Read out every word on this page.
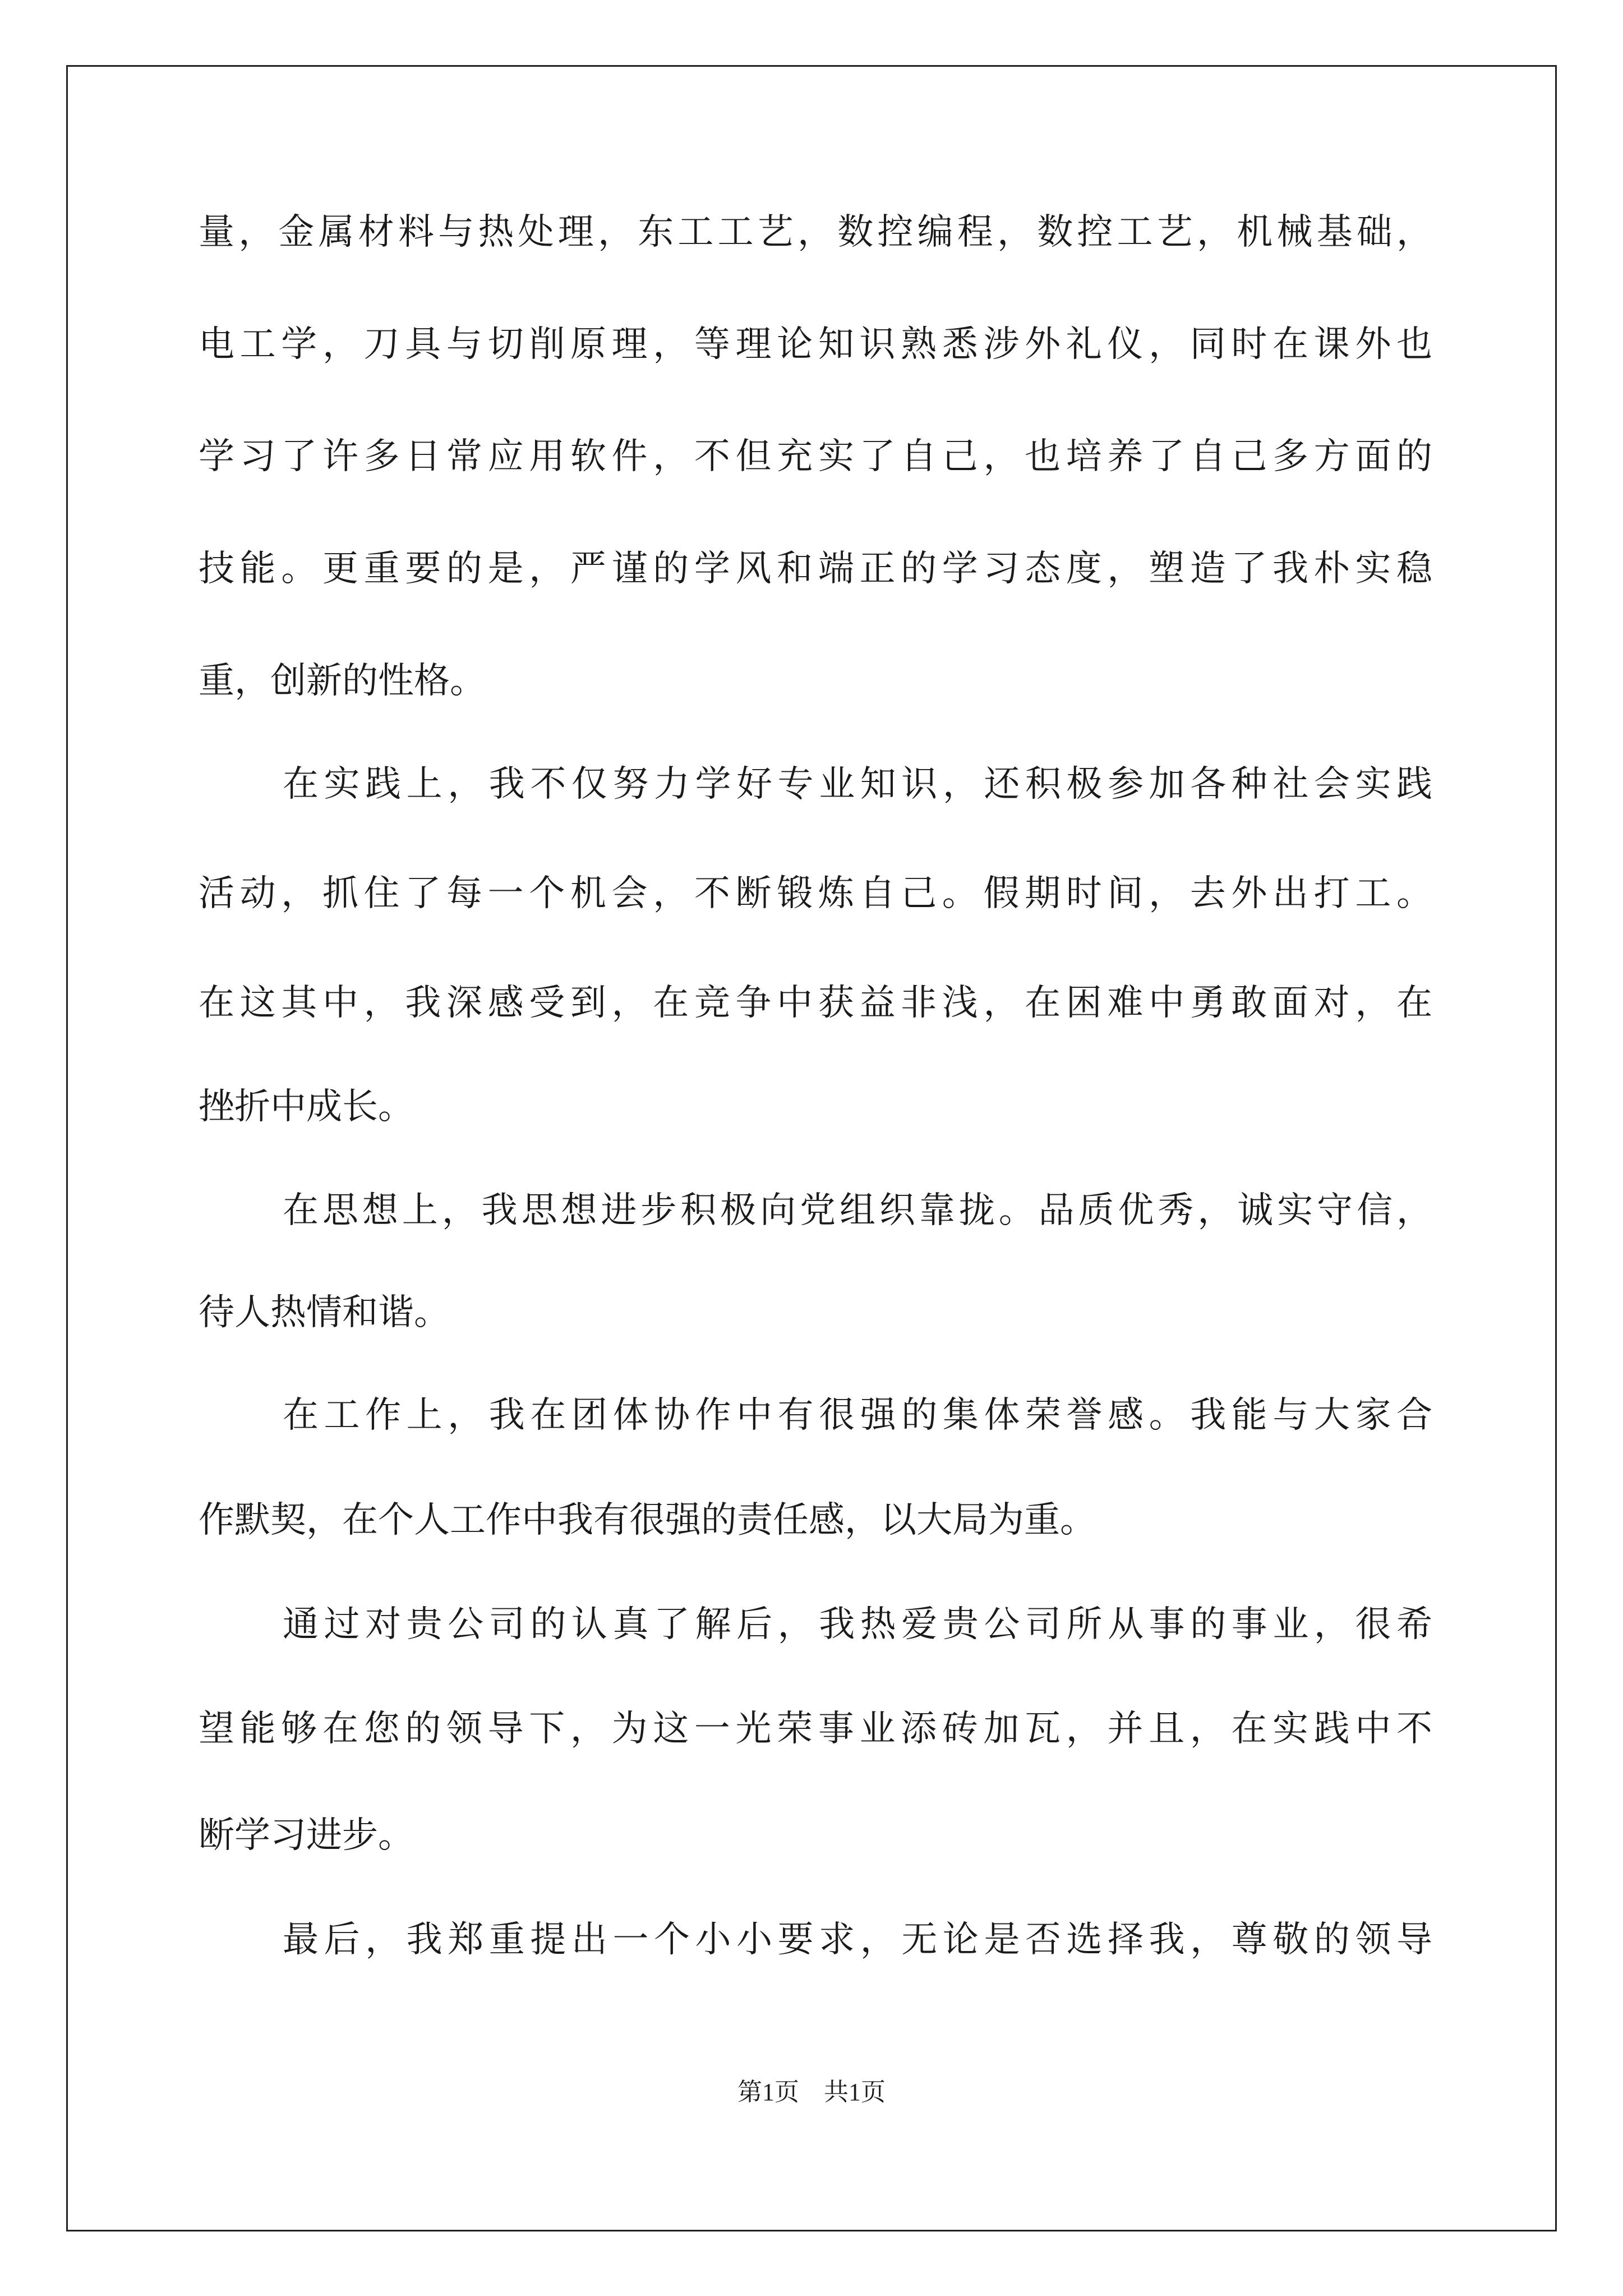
量，金属材料与热处理，东工工艺，数控编程，数控工艺，机械基础，
电工学，刀具与切削原理，等理论知识熟悉涉外礼仪，同时在课外也
学习了许多日常应用软件，不但充实了自己，也培养了自己多方面的
技能。更重要的是，严谨的学风和端正的学习态度，塑造了我朴实稳
重，创新的性格。
在实践上，我不仅努力学好专业知识，还积极参加各种社会实践
活动，抓住了每一个机会，不断锻炼自己。假期时间，去外出打工。
在这其中，我深感受到，在竞争中获益非浅，在困难中勇敢面对，在
挫折中成长。
在思想上，我思想进步积极向党组织靠拢。品质优秀，诚实守信，
待人热情和谐。
在工作上，我在团体协作中有很强的集体荣誉感。我能与大家合
作默契，在个人工作中我有很强的责任感，以大局为重。
通过对贵公司的认真了解后，我热爱贵公司所从事的事业，很希
望能够在您的领导下，为这一光荣事业添砖加瓦，并且，在实践中不
断学习进步。
最后，我郑重提出一个小小要求，无论是否选择我，尊敬的领导
第1页　共1页
